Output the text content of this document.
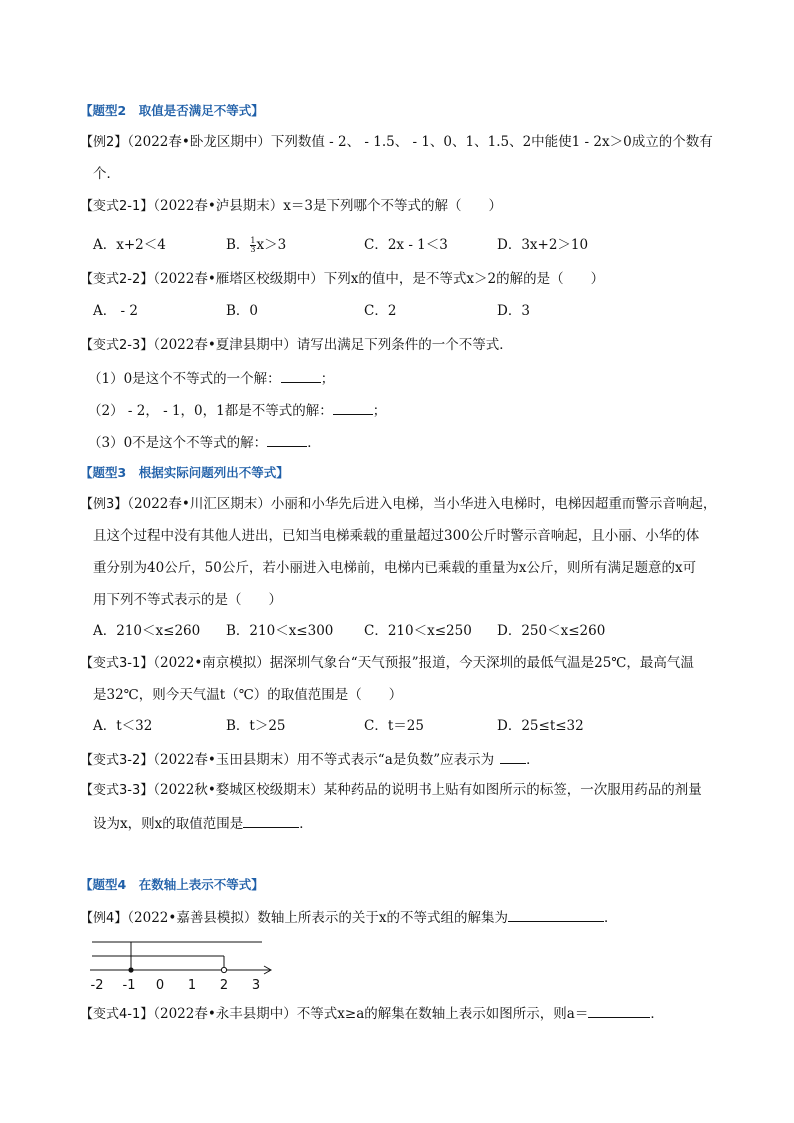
【题型2　取值是否满足不等式】
【例2】（2022春•卧龙区期中）下列数值 - 2、 - 1.5、 - 1、0、1、1.5、2中能使1 - 2x＞0成立的个数有
个．
【变式2-1】（2022春•泸县期末）x＝3是下列哪个不等式的解（　　）
A．x+2＜4	B． $\frac{1}{3} x>3$	C．2x - 1＜3	D．3x+2＞10
【变式2-2】（2022春•雁塔区校级期中）下列x的值中，是不等式x＞2的解的是（　　）
A． - 2	B．0	C．2	D．3
【变式2-3】（2022春•夏津县期中）请写出满足下列条件的一个不等式．
（1）0是这个不等式的一个解：	；
（2） - 2， - 1，0，1都是不等式的解：	；
（3）0不是这个不等式的解：	．
【题型3　根据实际问题列出不等式】
【例3】（2022春•川汇区期末）小丽和小华先后进入电梯，当小华进入电梯时，电梯因超重而警示音响起，
且这个过程中没有其他人进出，已知当电梯乘载的重量超过300公斤时警示音响起，且小丽、小华的体
重分别为40公斤，50公斤，若小丽进入电梯前，电梯内已乘载的重量为x公斤，则所有满足题意的x可
用下列不等式表示的是（　　）
A．210＜x≤260 B．210＜x≤300 C．210＜x≤250 D．250＜x≤260
【变式3-1】（2022•南京模拟）据深圳气象台“天气预报”报道，今天深圳的最低气温是25℃，最高气温
是32℃，则今天气温t（℃）的取值范围是（　　）
A．t＜32	B．t＞25	C．t＝25	D．25≤t≤32
【变式3-2】（2022春•玉田县期末）用不等式表示“a是负数”应表示为 ．
【变式3-3】（2022秋•婺城区校级期末）某种药品的说明书上贴有如图所示的标签，一次服用药品的剂量
设为x，则x的取值范围是	．
【题型4　在数轴上表示不等式】
【例4】（2022•嘉善县模拟）数轴上所表示的关于x的不等式组的解集为	．
-2 -1 0 1 2 3
【变式4-1】（2022春•永丰县期中）不等式x≥a的解集在数轴上表示如图所示，则a＝	．
